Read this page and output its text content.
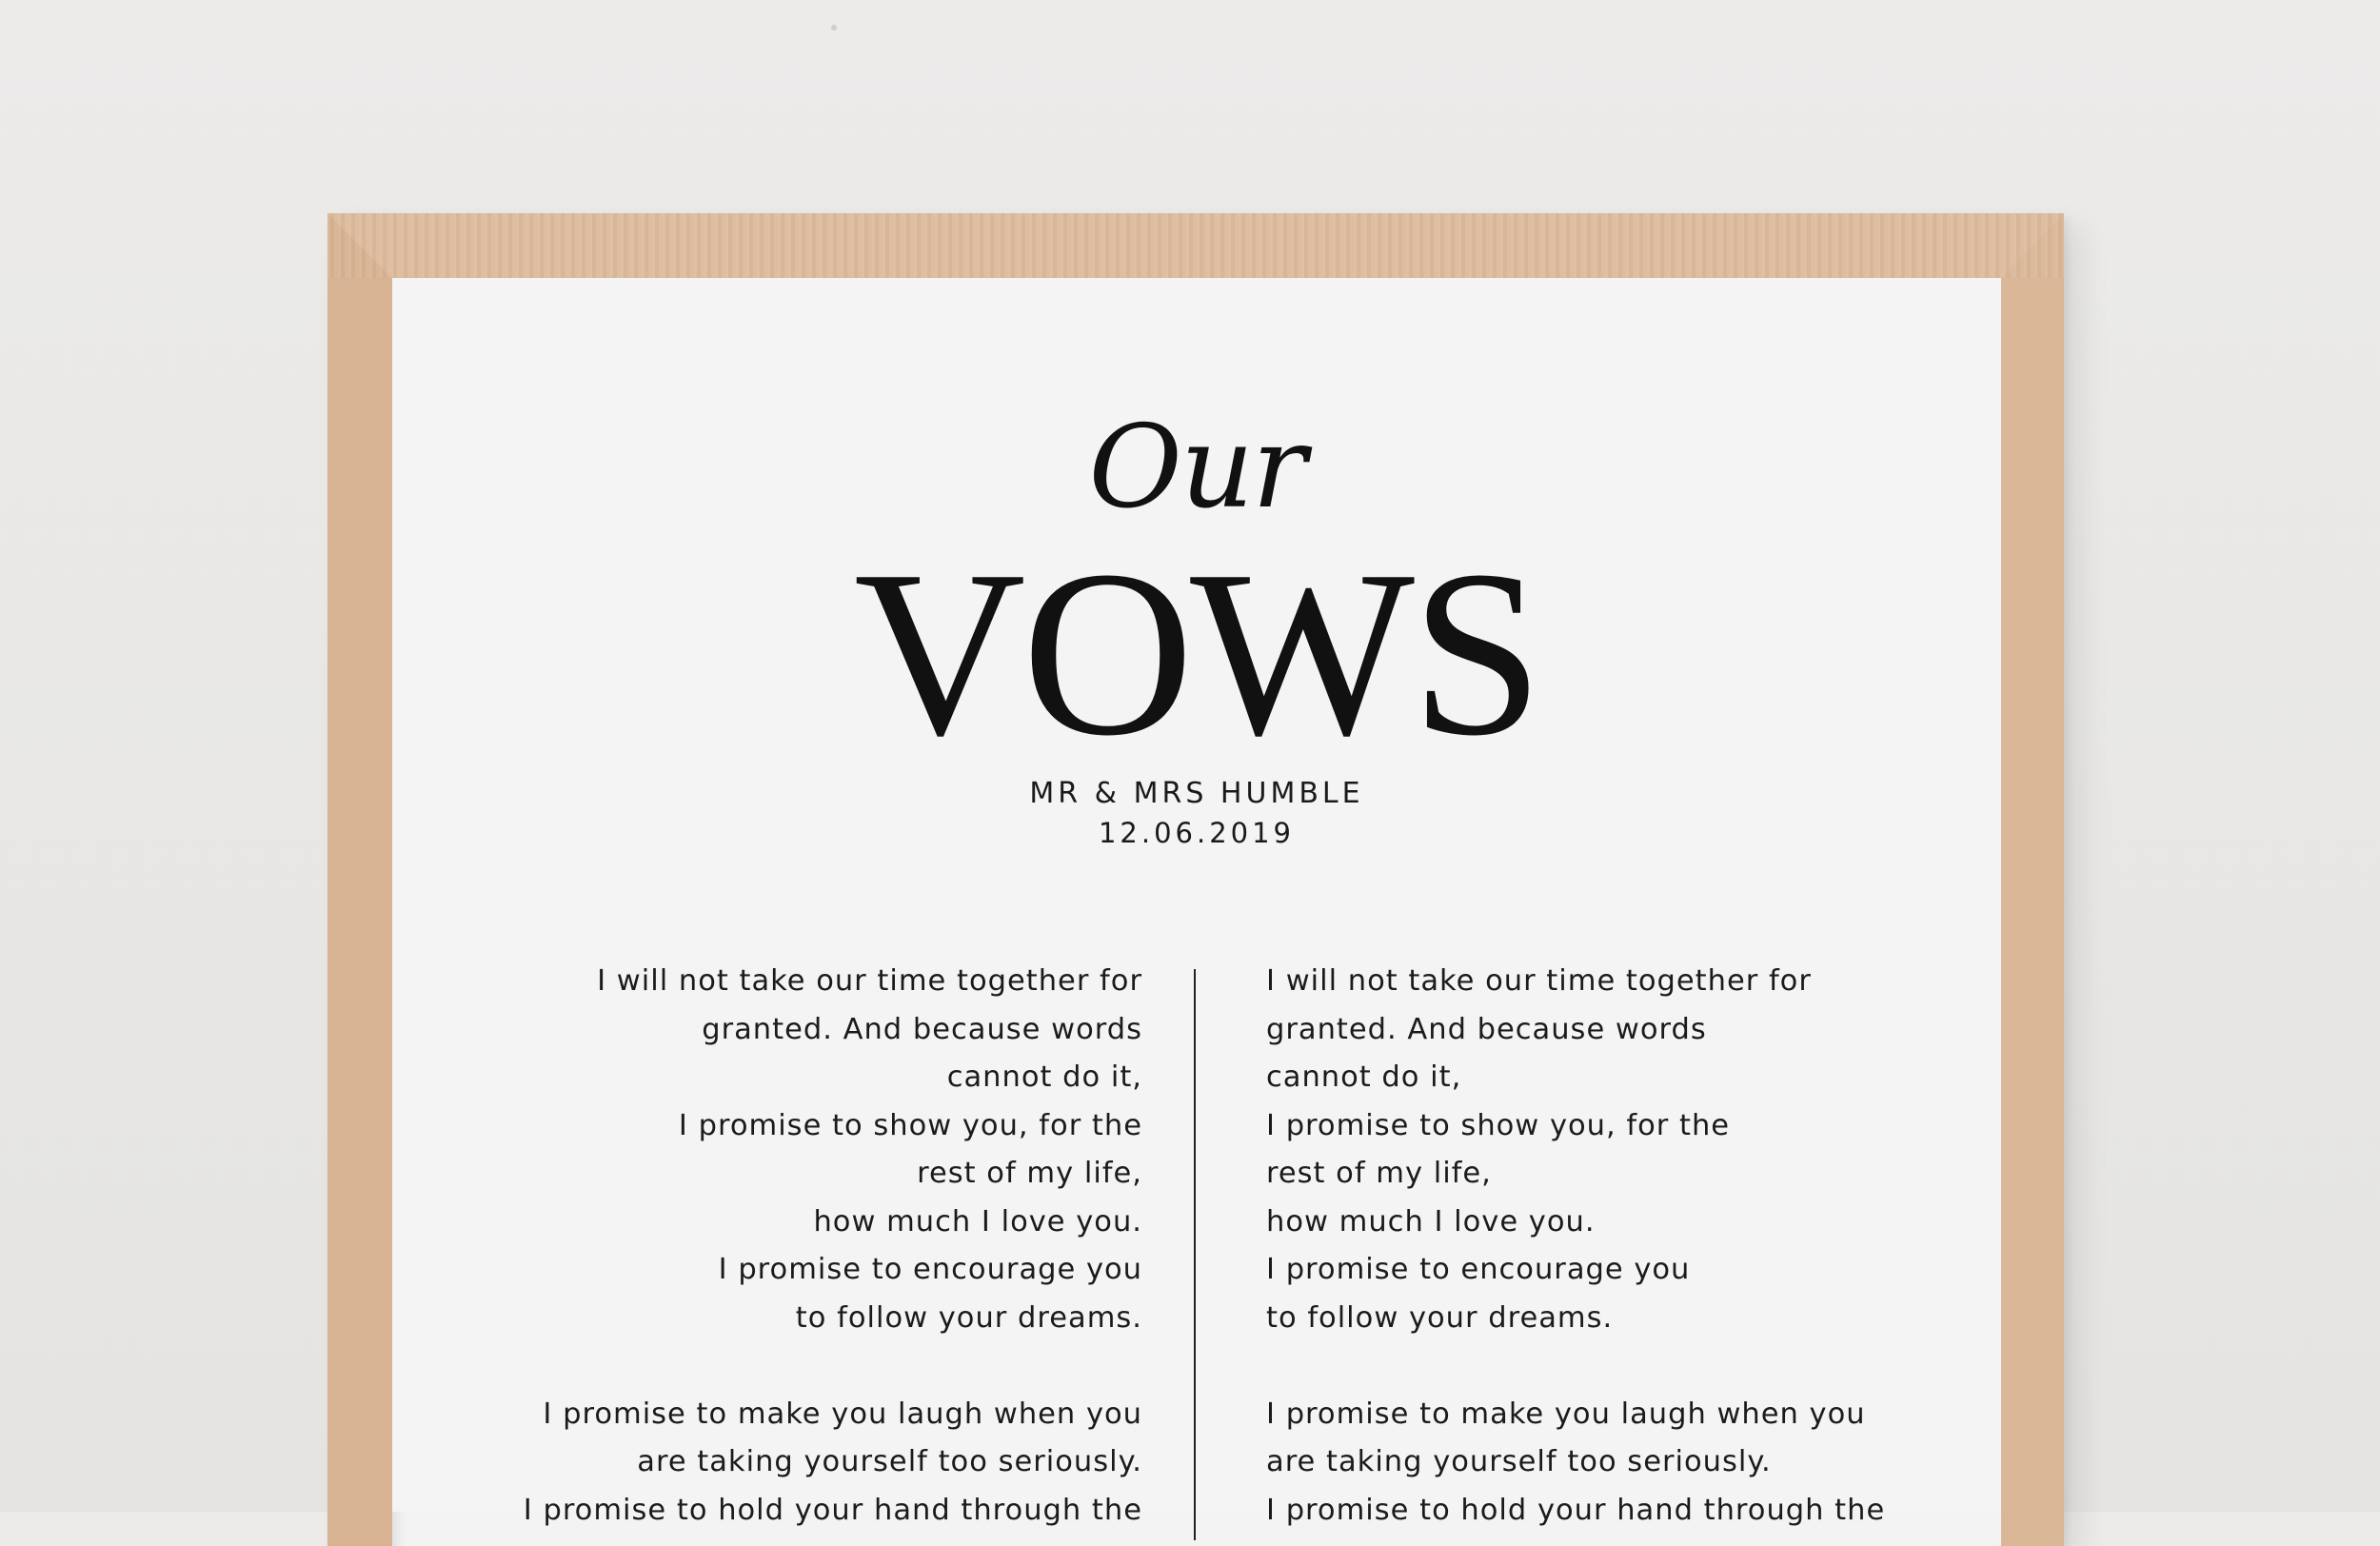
Our
VOWS
MR & MRS HUMBLE
12.06.2019
I will not take our time together for
granted. And because words
cannot do it,
I promise to show you, for the
rest of my life,
how much I love you.
I promise to encourage you
to follow your dreams.
I promise to make you laugh when you
are taking yourself too seriously.
I promise to hold your hand through the
I will not take our time together for
granted. And because words
cannot do it,
I promise to show you, for the
rest of my life,
how much I love you.
I promise to encourage you
to follow your dreams.
I promise to make you laugh when you
are taking yourself too seriously.
I promise to hold your hand through the
